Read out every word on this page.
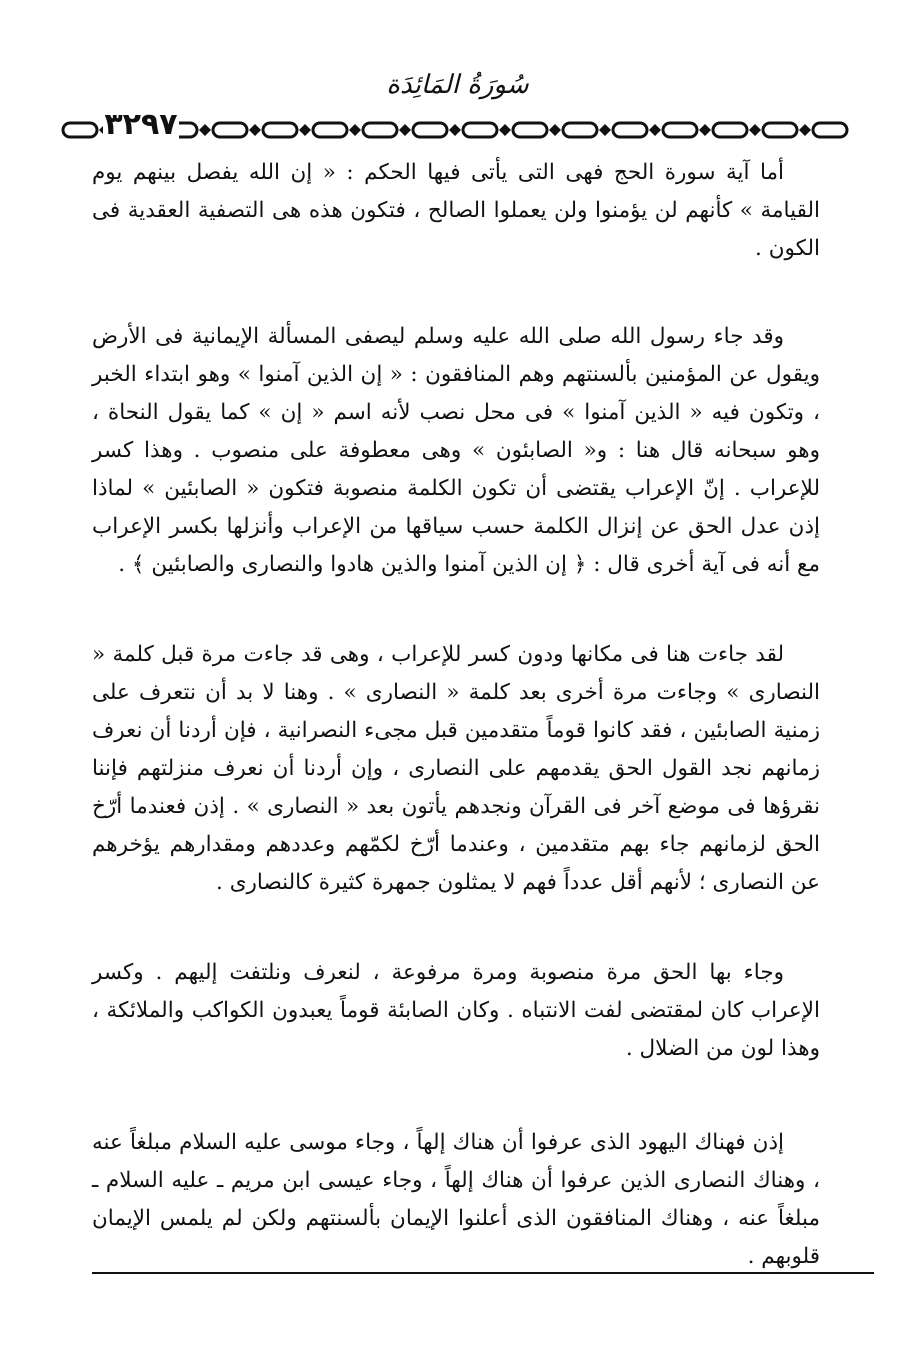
سُورَةُ المَائِدَة
٣٢٩٧

أما آية سورة الحج فهى التى يأتى فيها الحكم : « إن الله يفصل بينهم يوم القيامة » كأنهم لن يؤمنوا ولن يعملوا الصالح ، فتكون هذه هى التصفية العقدية فى الكون .

وقد جاء رسول الله صلى الله عليه وسلم ليصفى المسألة الإيمانية فى الأرض ويقول عن المؤمنين بألسنتهم وهم المنافقون : « إن الذين آمنوا » وهو ابتداء الخبر ، وتكون فيه « الذين آمنوا » فى محل نصب لأنه اسم « إن » كما يقول النحاة ، وهو سبحانه قال هنا : و« الصابئون » وهى معطوفة على منصوب . وهذا كسر للإعراب . إنّ الإعراب يقتضى أن تكون الكلمة منصوبة فتكون « الصابئين » لماذا إذن عدل الحق عن إنزال الكلمة حسب سياقها من الإعراب وأنزلها بكسر الإعراب مع أنه فى آية أخرى قال : ﴿ إن الذين آمنوا والذين هادوا والنصارى والصابئين ﴾ .

لقد جاءت هنا فى مكانها ودون كسر للإعراب ، وهى قد جاءت مرة قبل كلمة « النصارى » وجاءت مرة أخرى بعد كلمة « النصارى » . وهنا لا بد أن نتعرف على زمنية الصابئين ، فقد كانوا قوماً متقدمين قبل مجىء النصرانية ، فإن أردنا أن نعرف زمانهم نجد القول الحق يقدمهم على النصارى ، وإن أردنا أن نعرف منزلتهم فإننا نقرؤها فى موضع آخر فى القرآن ونجدهم يأتون بعد « النصارى » . إذن فعندما أرّخ الحق لزمانهم جاء بهم متقدمين ، وعندما أرّخ لكمّهم وعددهم ومقدارهم يؤخرهم عن النصارى ؛ لأنهم أقل عدداً فهم لا يمثلون جمهرة كثيرة كالنصارى .

وجاء بها الحق مرة منصوبة ومرة مرفوعة ، لنعرف ونلتفت إليهم . وكسر الإعراب كان لمقتضى لفت الانتباه . وكان الصابئة قوماً يعبدون الكواكب والملائكة ، وهذا لون من الضلال .

إذن فهناك اليهود الذى عرفوا أن هناك إلهاً ، وجاء موسى عليه السلام مبلغاً عنه ، وهناك النصارى الذين عرفوا أن هناك إلهاً ، وجاء عيسى ابن مريم ـ عليه السلام ـ مبلغاً عنه ، وهناك المنافقون الذى أعلنوا الإيمان بألسنتهم ولكن لم يلمس الإيمان قلوبهم .
